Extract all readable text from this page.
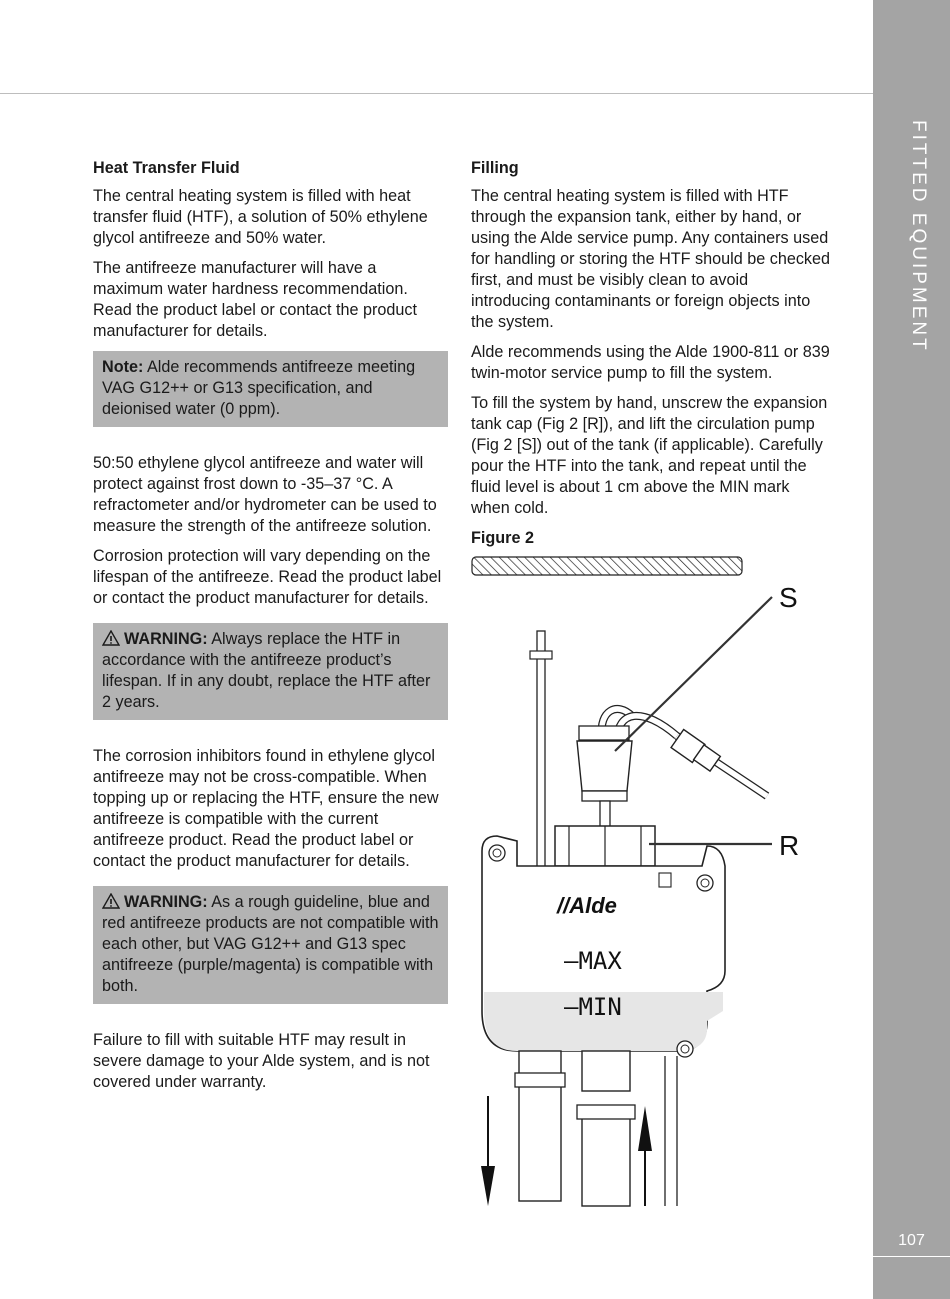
FITTED EQUIPMENT
107
Heat Transfer Fluid

The central heating system is filled with heat transfer fluid (HTF), a solution of 50% ethylene glycol antifreeze and 50% water.

The antifreeze manufacturer will have a maximum water hardness recommendation. Read the product label or contact the product manufacturer for details.

Note: Alde recommends antifreeze meeting VAG G12++ or G13 specification, and deionised water (0 ppm).

50:50 ethylene glycol antifreeze and water will protect against frost down to -35–37 °C. A refractometer and/or hydrometer can be used to measure the strength of the antifreeze solution.

Corrosion protection will vary depending on the lifespan of the antifreeze. Read the product label or contact the product manufacturer for details.

WARNING: Always replace the HTF in accordance with the antifreeze product’s lifespan. If in any doubt, replace the HTF after 2 years.

The corrosion inhibitors found in ethylene glycol antifreeze may not be cross-compatible. When topping up or replacing the HTF, ensure the new antifreeze is compatible with the current antifreeze product. Read the product label or contact the product manufacturer for details.

WARNING: As a rough guideline, blue and red antifreeze products are not compatible with each other, but VAG G12++ and G13 spec antifreeze (purple/magenta) is compatible with both.

Failure to fill with suitable HTF may result in severe damage to your Alde system, and is not covered under warranty.

Filling

The central heating system is filled with HTF through the expansion tank, either by hand, or using the Alde service pump. Any containers used for handling or storing the HTF should be checked first, and must be visibly clean to avoid introducing contaminants or foreign objects into the system.

Alde recommends using the Alde 1900-811 or 839 twin-motor service pump to fill the system.

To fill the system by hand, unscrew the expansion tank cap (Fig 2 [R]), and lift the circulation pump (Fig 2 [S]) out of the tank (if applicable). Carefully pour the HTF into the tank, and repeat until the fluid level is about 1 cm above the MIN mark when cold.

Figure 2
//Alde
—MAX
—MIN
S
R
